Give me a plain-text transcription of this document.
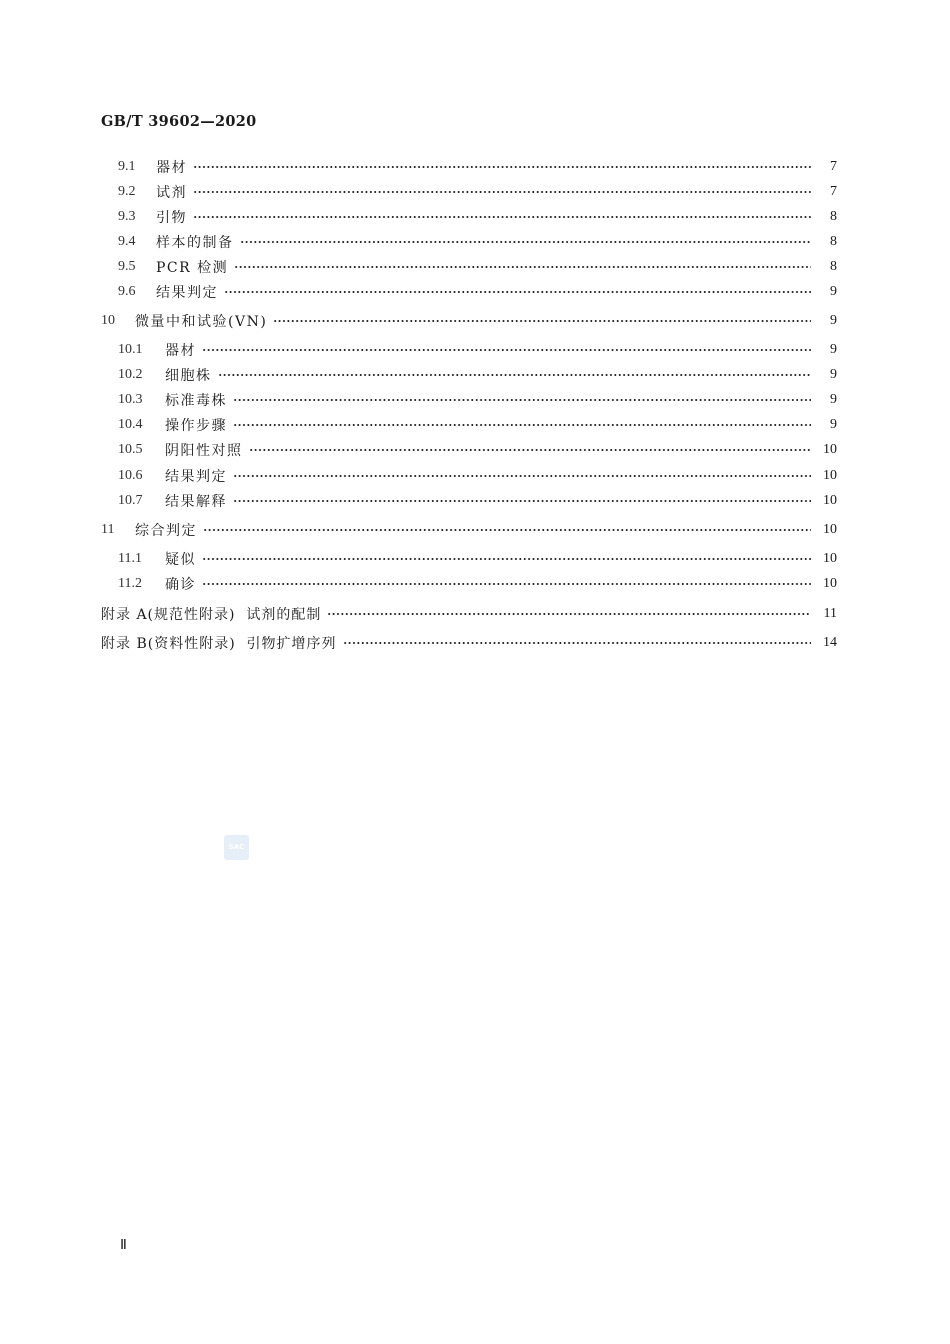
GB/T 39602—2020
9.1	器材	7
9.2	试剂	7
9.3	引物	8
9.4	样本的制备	8
9.5	PCR 检测	8
9.6	结果判定	9
10	微量中和试验(VN)	9
10.1	器材	9
10.2	细胞株	9
10.3	标准毒株	9
10.4	操作步骤	9
10.5	阴阳性对照	10
10.6	结果判定	10
10.7	结果解释	10
11	综合判定	10
11.1	疑似	10
11.2	确诊	10
附录 A(规范性附录)  试剂的配制	11
附录 B(资料性附录)  引物扩增序列	14
SAC
Ⅱ
